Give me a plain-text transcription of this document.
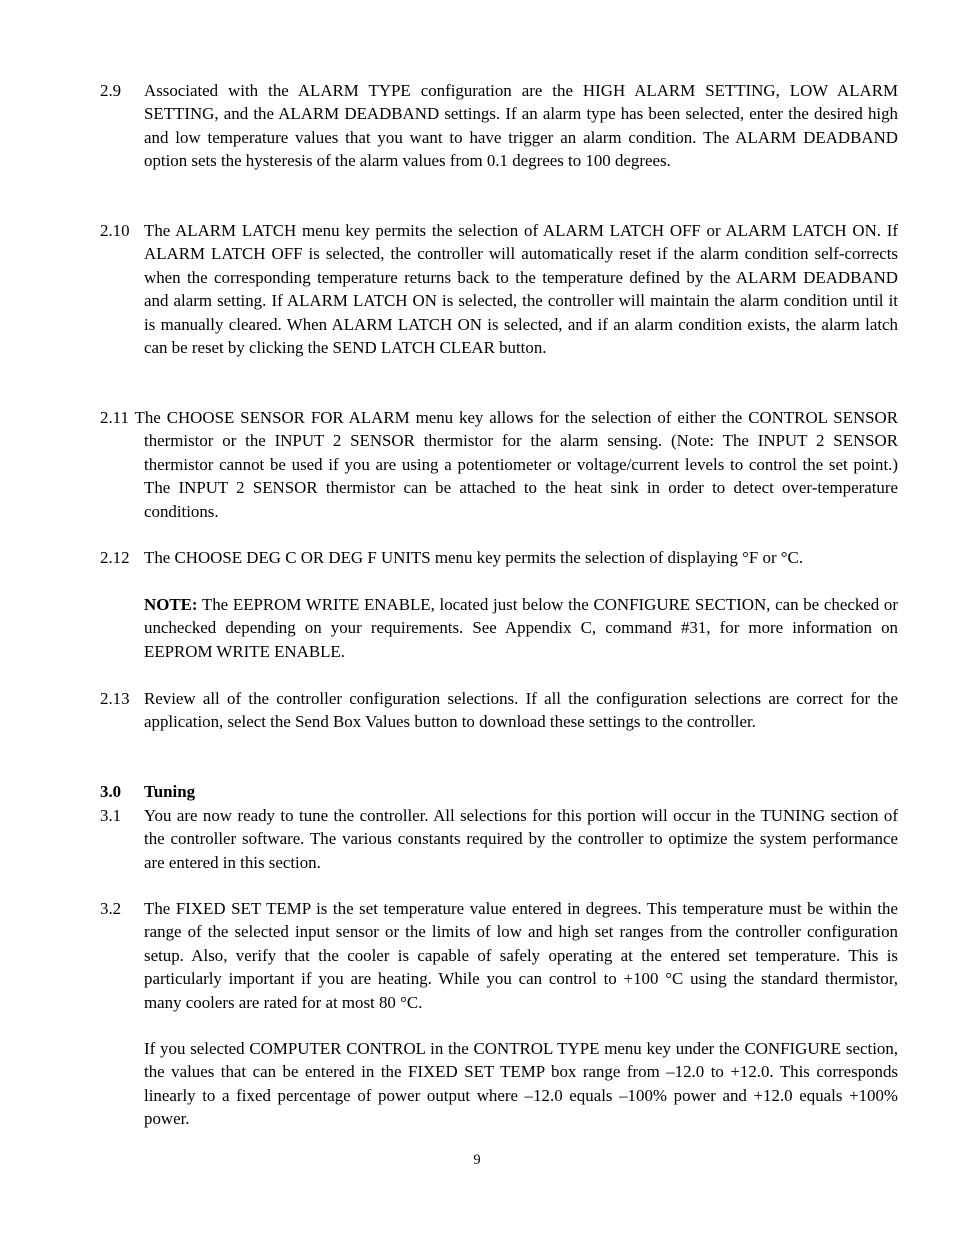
2.9 Associated with the ALARM TYPE configuration are the HIGH ALARM SETTING, LOW ALARM SETTING, and the ALARM DEADBAND settings. If an alarm type has been selected, enter the desired high and low temperature values that you want to have trigger an alarm condition. The ALARM DEADBAND option sets the hysteresis of the alarm values from 0.1 degrees to 100 degrees.
2.10 The ALARM LATCH menu key permits the selection of ALARM LATCH OFF or ALARM LATCH ON. If ALARM LATCH OFF is selected, the controller will automatically reset if the alarm condition self-corrects when the corresponding temperature returns back to the temperature defined by the ALARM DEADBAND and alarm setting. If ALARM LATCH ON is selected, the controller will maintain the alarm condition until it is manually cleared. When ALARM LATCH ON is selected, and if an alarm condition exists, the alarm latch can be reset by clicking the SEND LATCH CLEAR button.
2.11 The CHOOSE SENSOR FOR ALARM menu key allows for the selection of either the CONTROL SENSOR thermistor or the INPUT 2 SENSOR thermistor for the alarm sensing. (Note: The INPUT 2 SENSOR thermistor cannot be used if you are using a potentiometer or voltage/current levels to control the set point.) The INPUT 2 SENSOR thermistor can be attached to the heat sink in order to detect over-temperature conditions.
2.12 The CHOOSE DEG C OR DEG F UNITS menu key permits the selection of displaying °F or °C.
NOTE: The EEPROM WRITE ENABLE, located just below the CONFIGURE SECTION, can be checked or unchecked depending on your requirements. See Appendix C, command #31, for more information on EEPROM WRITE ENABLE.
2.13 Review all of the controller configuration selections. If all the configuration selections are correct for the application, select the Send Box Values button to download these settings to the controller.
3.0 Tuning
3.1 You are now ready to tune the controller. All selections for this portion will occur in the TUNING section of the controller software. The various constants required by the controller to optimize the system performance are entered in this section.
3.2 The FIXED SET TEMP is the set temperature value entered in degrees. This temperature must be within the range of the selected input sensor or the limits of low and high set ranges from the controller configuration setup. Also, verify that the cooler is capable of safely operating at the entered set temperature. This is particularly important if you are heating. While you can control to +100 °C using the standard thermistor, many coolers are rated for at most 80 °C.
If you selected COMPUTER CONTROL in the CONTROL TYPE menu key under the CONFIGURE section, the values that can be entered in the FIXED SET TEMP box range from –12.0 to +12.0. This corresponds linearly to a fixed percentage of power output where –12.0 equals –100% power and +12.0 equals +100% power.
9
